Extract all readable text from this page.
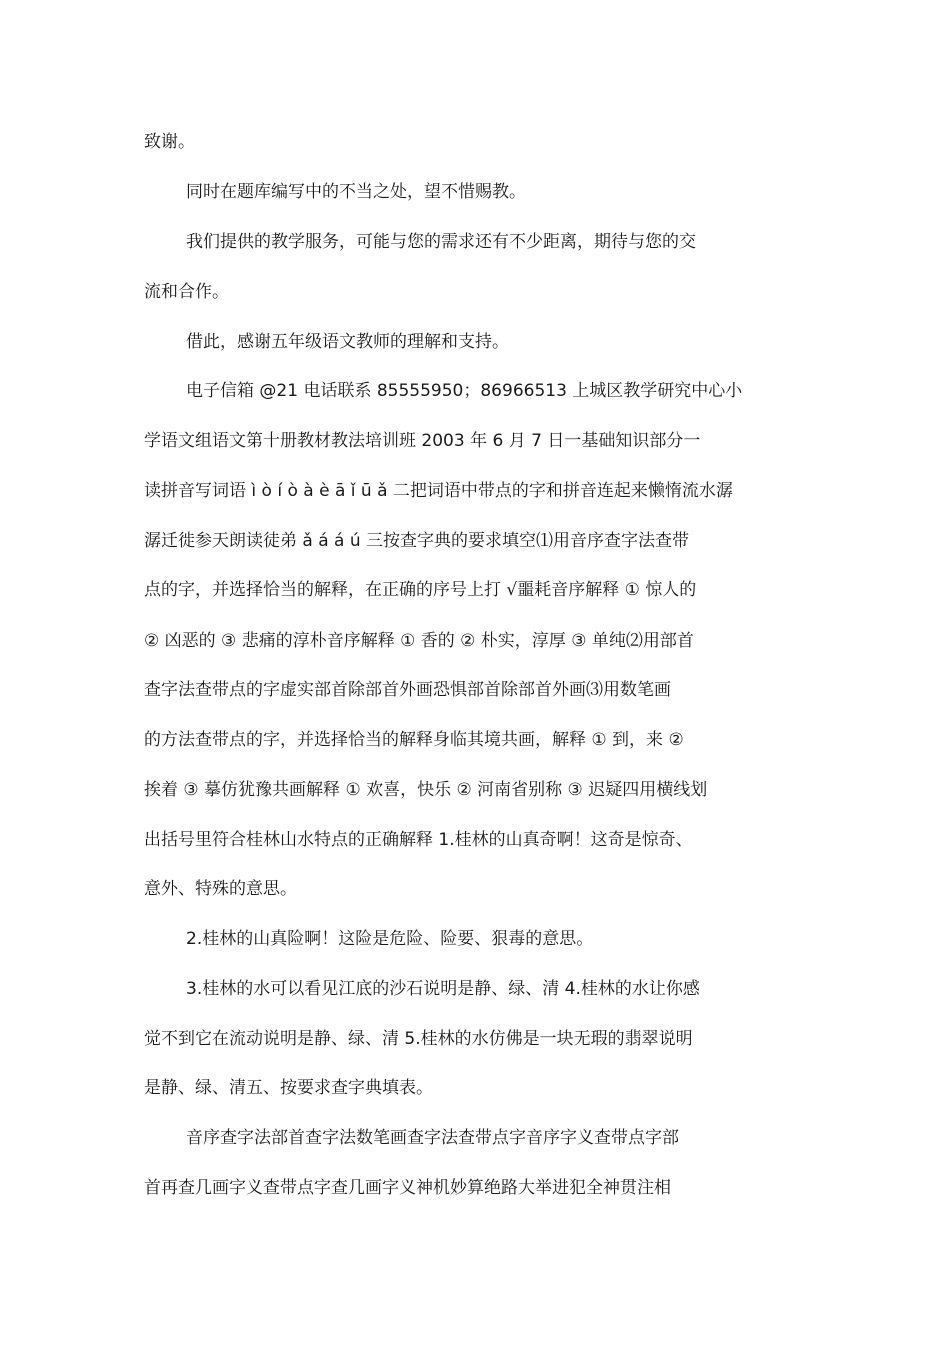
致谢。
同时在题库编写中的不当之处，望不惜赐教。
我们提供的教学服务，可能与您的需求还有不少距离，期待与您的交
流和合作。
借此，感谢五年级语文教师的理解和支持。
电子信箱 @21 电话联系 85555950；86966513 上城区教学研究中心小
学语文组语文第十册教材教法培训班 2003 年 6 月 7 日一基础知识部分一
读拼音写词语 ì ò í ò à è ā ǐ ū ǎ 二把词语中带点的字和拼音连起来懒惰流水潺
潺迁徙参天朗读徒弟 ǎ á á ú 三按查字典的要求填空⑴用音序查字法查带
点的字，并选择恰当的解释，在正确的序号上打 √噩耗音序解释 ① 惊人的
② 凶恶的 ③ 悲痛的淳朴音序解释 ① 香的 ② 朴实，淳厚 ③ 单纯⑵用部首
查字法查带点的字虚实部首除部首外画恐惧部首除部首外画⑶用数笔画
的方法查带点的字，并选择恰当的解释身临其境共画，解释 ① 到，来 ②
挨着 ③ 摹仿犹豫共画解释 ① 欢喜，快乐 ② 河南省别称 ③ 迟疑四用横线划
出括号里符合桂林山水特点的正确解释 1.桂林的山真奇啊！这奇是惊奇、
意外、特殊的意思。
2.桂林的山真险啊！这险是危险、险要、狠毒的意思。
3.桂林的水可以看见江底的沙石说明是静、绿、清 4.桂林的水让你感
觉不到它在流动说明是静、绿、清 5.桂林的水仿佛是一块无瑕的翡翠说明
是静、绿、清五、按要求查字典填表。
音序查字法部首查字法数笔画查字法查带点字音序字义查带点字部
首再查几画字义查带点字查几画字义神机妙算绝路大举进犯全神贯注相
